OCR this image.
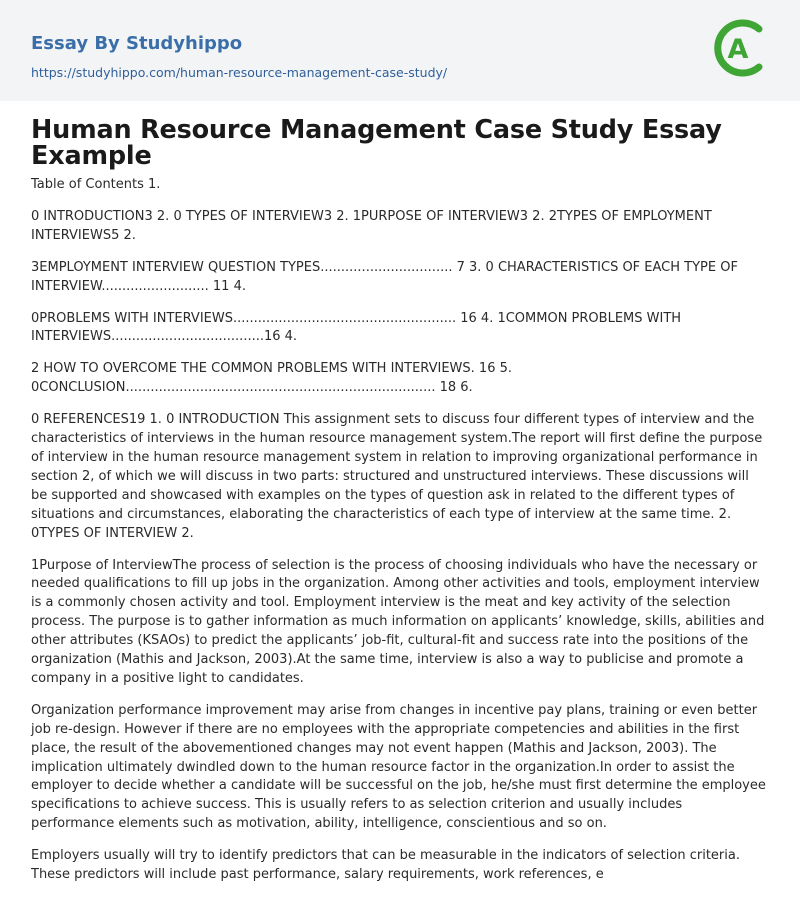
Essay By Studyhippo
https://studyhippo.com/human-resource-management-case-study/
A
Human Resource Management Case Study Essay Example

Table of Contents 1.

0 INTRODUCTION3 2. 0 TYPES OF INTERVIEW3 2. 1PURPOSE OF INTERVIEW3 2. 2TYPES OF EMPLOYMENT INTERVIEWS5 2.

3EMPLOYMENT INTERVIEW QUESTION TYPES................................ 7 3. 0 CHARACTERISTICS OF EACH TYPE OF INTERVIEW.......................... 11 4.

0PROBLEMS WITH INTERVIEWS...................................................... 16 4. 1COMMON PROBLEMS WITH INTERVIEWS.....................................16 4.

2 HOW TO OVERCOME THE COMMON PROBLEMS WITH INTERVIEWS. 16 5. 0CONCLUSION........................................................................... 18 6.

0 REFERENCES19 1. 0 INTRODUCTION This assignment sets to discuss four different types of interview and the characteristics of interviews in the human resource management system.The report will first define the purpose of interview in the human resource management system in relation to improving organizational performance in section 2, of which we will discuss in two parts: structured and unstructured interviews. These discussions will be supported and showcased with examples on the types of question ask in related to the different types of situations and circumstances, elaborating the characteristics of each type of interview at the same time. 2. 0TYPES OF INTERVIEW 2.

1Purpose of InterviewThe process of selection is the process of choosing individuals who have the necessary or needed qualifications to fill up jobs in the organization. Among other activities and tools, employment interview is a commonly chosen activity and tool. Employment interview is the meat and key activity of the selection process. The purpose is to gather information as much information on applicants’ knowledge, skills, abilities and other attributes (KSAOs) to predict the applicants’ job-fit, cultural-fit and success rate into the positions of the organization (Mathis and Jackson, 2003).At the same time, interview is also a way to publicise and promote a company in a positive light to candidates.

Organization performance improvement may arise from changes in incentive pay plans, training or even better job re-design. However if there are no employees with the appropriate competencies and abilities in the first place, the result of the abovementioned changes may not event happen (Mathis and Jackson, 2003). The implication ultimately dwindled down to the human resource factor in the organization.In order to assist the employer to decide whether a candidate will be successful on the job, he/she must first determine the employee specifications to achieve success. This is usually refers to as selection criterion and usually includes performance elements such as motivation, ability, intelligence, conscientious and so on.

Employers usually will try to identify predictors that can be measurable in the indicators of selection criteria. These predictors will include past performance, salary requirements, work references, e
